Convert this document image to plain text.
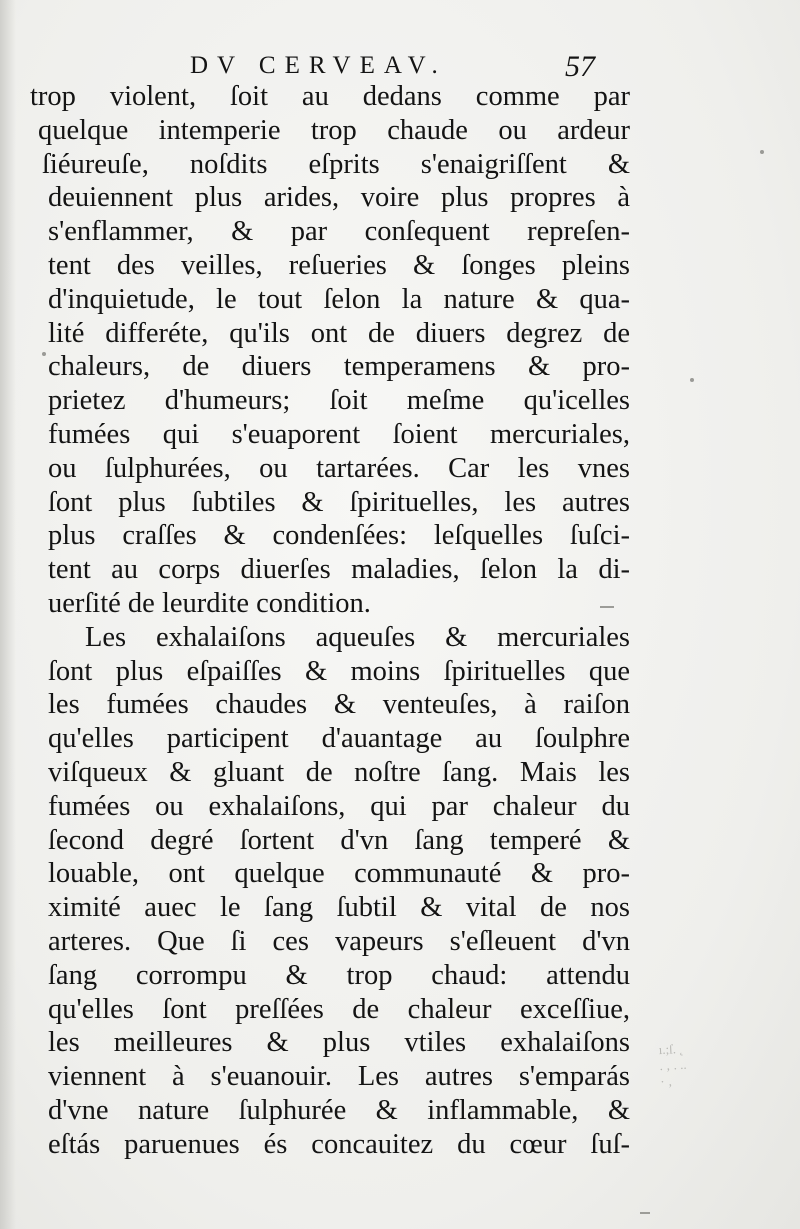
DV CERVEAV.	57
trop violent, ſoit au dedans comme par
quelque intemperie trop chaude ou ardeur
ſiéureuſe, noſdits eſprits s'enaigriſſent &
deuiennent plus arides, voire plus propres à
s'enflammer, & par conſequent repreſen-
tent des veilles, reſueries & ſonges pleins
d'inquietude, le tout ſelon la nature & qua-
lité differéte, qu'ils ont de diuers degrez de
chaleurs, de diuers temperamens & pro-
prietez d'humeurs; ſoit meſme qu'icelles
fumées qui s'euaporent ſoient mercuriales,
ou ſulphurées, ou tartarées. Car les vnes
ſont plus ſubtiles & ſpirituelles, les autres
plus craſſes & condenſées: leſquelles ſuſci-
tent au corps diuerſes maladies, ſelon la di-
uerſité de leurdite condition.
Les exhalaiſons aqueuſes & mercuriales
ſont plus eſpaiſſes & moins ſpirituelles que
les fumées chaudes & venteuſes, à raiſon
qu'elles participent d'auantage au ſoulphre
viſqueux & gluant de noſtre ſang. Mais les
fumées ou exhalaiſons, qui par chaleur du
ſecond degré ſortent d'vn ſang temperé &
louable, ont quelque communauté & pro-
ximité auec le ſang ſubtil & vital de nos
arteres. Que ſi ces vapeurs s'eſleuent d'vn
ſang corrompu & trop chaud: attendu
qu'elles ſont preſſées de chaleur exceſſiue,
les meilleures & plus vtiles exhalaiſons
viennent à s'euanouir. Les autres s'emparás
d'vne nature ſulphurée & inflammable, &
eſtás paruenues és concauitez du cœur ſuſ-
ı.;ſ. ˛
. ‚ . ..
· ‚
